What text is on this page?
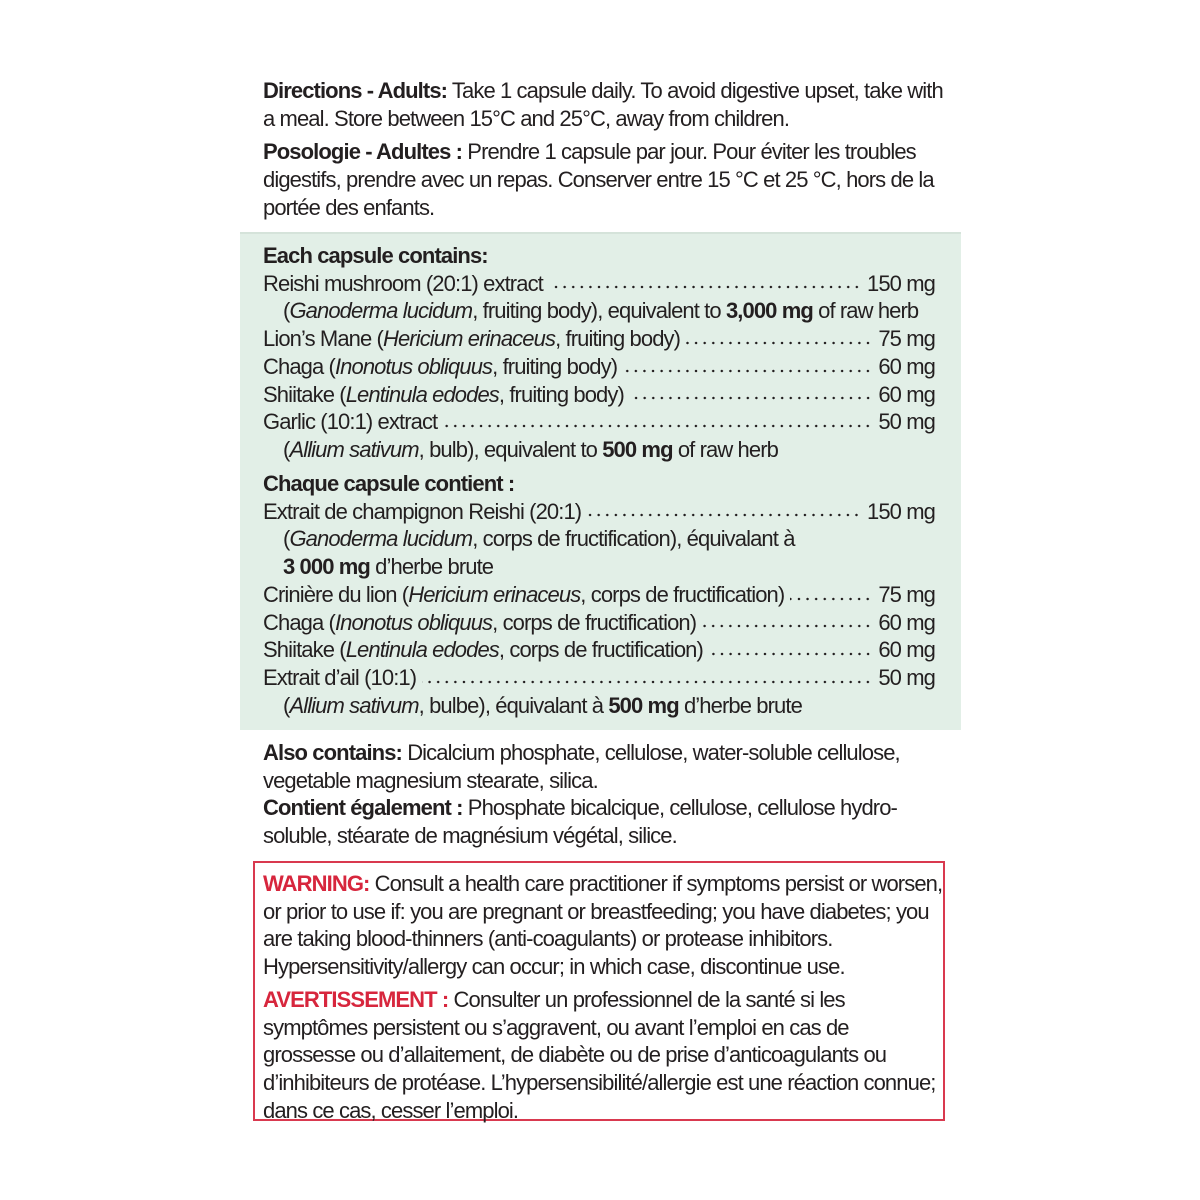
Directions - Adults: Take 1 capsule daily. To avoid digestive upset, take with a meal. Store between 15°C and 25°C, away from children.

Posologie - Adultes : Prendre 1 capsule par jour. Pour éviter les troubles digestifs, prendre avec un repas. Conserver entre 15 °C et 25 °C, hors de la portée des enfants.

Each capsule contains:

Reishi mushroom (20:1) extract	150 mg

(Ganoderma lucidum, fruiting body), equivalent to 3,000 mg of raw herb

Lion’s Mane (Hericium erinaceus, fruiting body)	75 mg
Chaga (Inonotus obliquus, fruiting body)	60 mg
Shiitake (Lentinula edodes, fruiting body)	60 mg
Garlic (10:1) extract	50 mg

(Allium sativum, bulb), equivalent to 500 mg of raw herb

Chaque capsule contient :

Extrait de champignon Reishi (20:1)	150 mg

(Ganoderma lucidum, corps de fructification), équivalant à
3 000 mg d’herbe brute

Crinière du lion (Hericium erinaceus, corps de fructification)	75 mg
Chaga (Inonotus obliquus, corps de fructification)	60 mg
Shiitake (Lentinula edodes, corps de fructification)	60 mg
Extrait d’ail (10:1)	50 mg

(Allium sativum, bulbe), équivalant à 500 mg d’herbe brute

Also contains: Dicalcium phosphate, cellulose, water-soluble cellulose, vegetable magnesium stearate, silica.

Contient également : Phosphate bicalcique, cellulose, cellulose hydro-soluble, stéarate de magnésium végétal, silice.

WARNING: Consult a health care practitioner if symptoms persist or worsen, or prior to use if: you are pregnant or breastfeeding; you have diabetes; you are taking blood-thinners (anti-coagulants) or protease inhibitors. Hypersensitivity/allergy can occur; in which case, discontinue use.

AVERTISSEMENT : Consulter un professionnel de la santé si les symptômes persistent ou s’aggravent, ou avant l’emploi en cas de grossesse ou d’allaitement, de diabète ou de prise d’anticoagulants ou d’inhibiteurs de protéase. L’hypersensibilité/allergie est une réaction connue; dans ce cas, cesser l’emploi.
